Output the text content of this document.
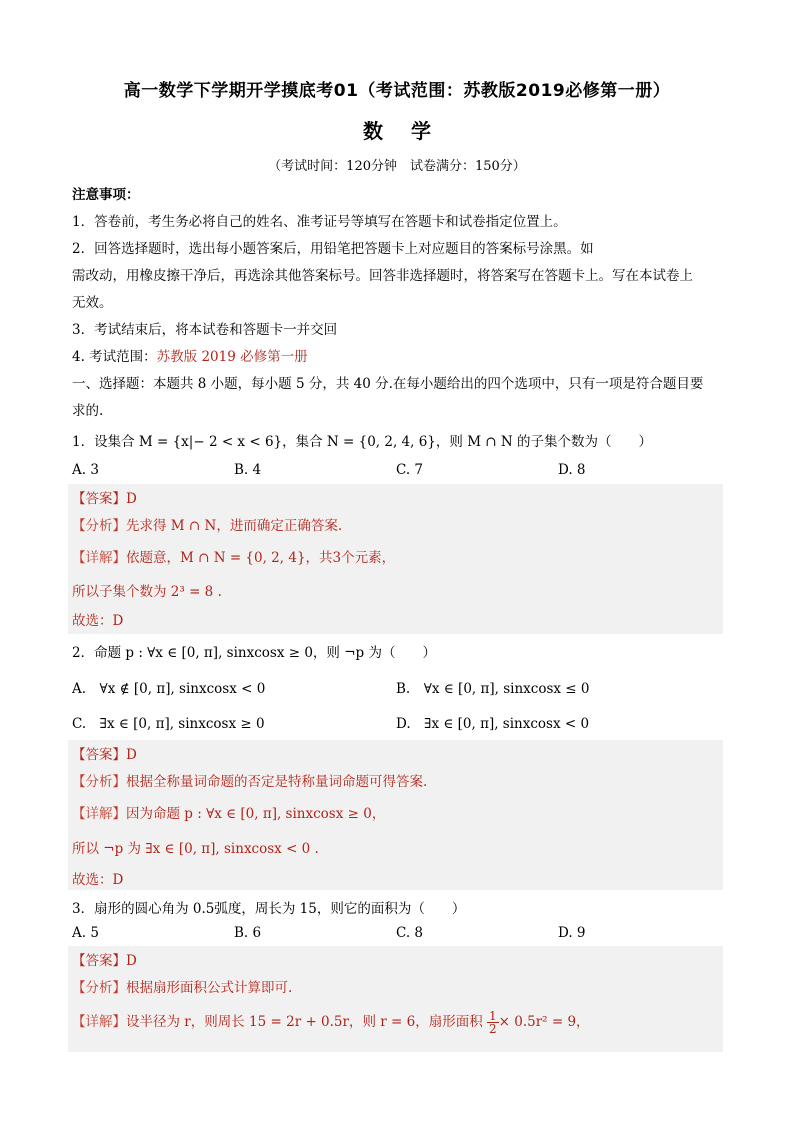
高一数学下学期开学摸底考01（考试范围：苏教版2019必修第一册）
数学
（考试时间：120分钟　试卷满分：150分）
注意事项：
1．答卷前，考生务必将自己的姓名、准考证号等填写在答题卡和试卷指定位置上。
2．回答选择题时，选出每小题答案后，用铅笔把答题卡上对应题目的答案标号涂黑。如
需改动，用橡皮擦干净后，再选涂其他答案标号。回答非选择题时，将答案写在答题卡上。写在本试卷上
无效。
3．考试结束后，将本试卷和答题卡一并交回
4. 考试范围：苏教版 2019 必修第一册
一、选择题：本题共 8 小题，每小题 5 分，共 40 分.在每小题给出的四个选项中，只有一项是符合题目要
求的.
1．设集合 M = {x|− 2 < x < 6}，集合 N = {0, 2, 4, 6}，则 M ∩ N 的子集个数为（　　）
A. 3	B. 4	C. 7	D. 8
【答案】D
【分析】先求得 M ∩ N，进而确定正确答案.
【详解】依题意，M ∩ N = {0, 2, 4}，共3个元素，
所以子集个数为 2³ = 8 .
故选：D
2．命题 p : ∀x ∈ [0, π], sinxcosx ≥ 0，则 ¬p 为（　　）
A.　∀x ∉ [0, π], sinxcosx < 0	B.　∀x ∈ [0, π], sinxcosx ≤ 0
C.　∃x ∈ [0, π], sinxcosx ≥ 0	D.　∃x ∈ [0, π], sinxcosx < 0
【答案】D
【分析】根据全称量词命题的否定是特称量词命题可得答案.
【详解】因为命题 p : ∀x ∈ [0, π], sinxcosx ≥ 0，
所以 ¬p 为 ∃x ∈ [0, π], sinxcosx < 0 .
故选：D
3．扇形的圆心角为 0.5弧度，周长为 15，则它的面积为（　　）
A. 5	B. 6	C. 8	D. 9
【答案】D
【分析】根据扇形面积公式计算即可.
【详解】设半径为 r，则周长 15 = 2r + 0.5r，则 r = 6，扇形面积 $\frac{1}{2} \times 0.5r^2 = 9$，
